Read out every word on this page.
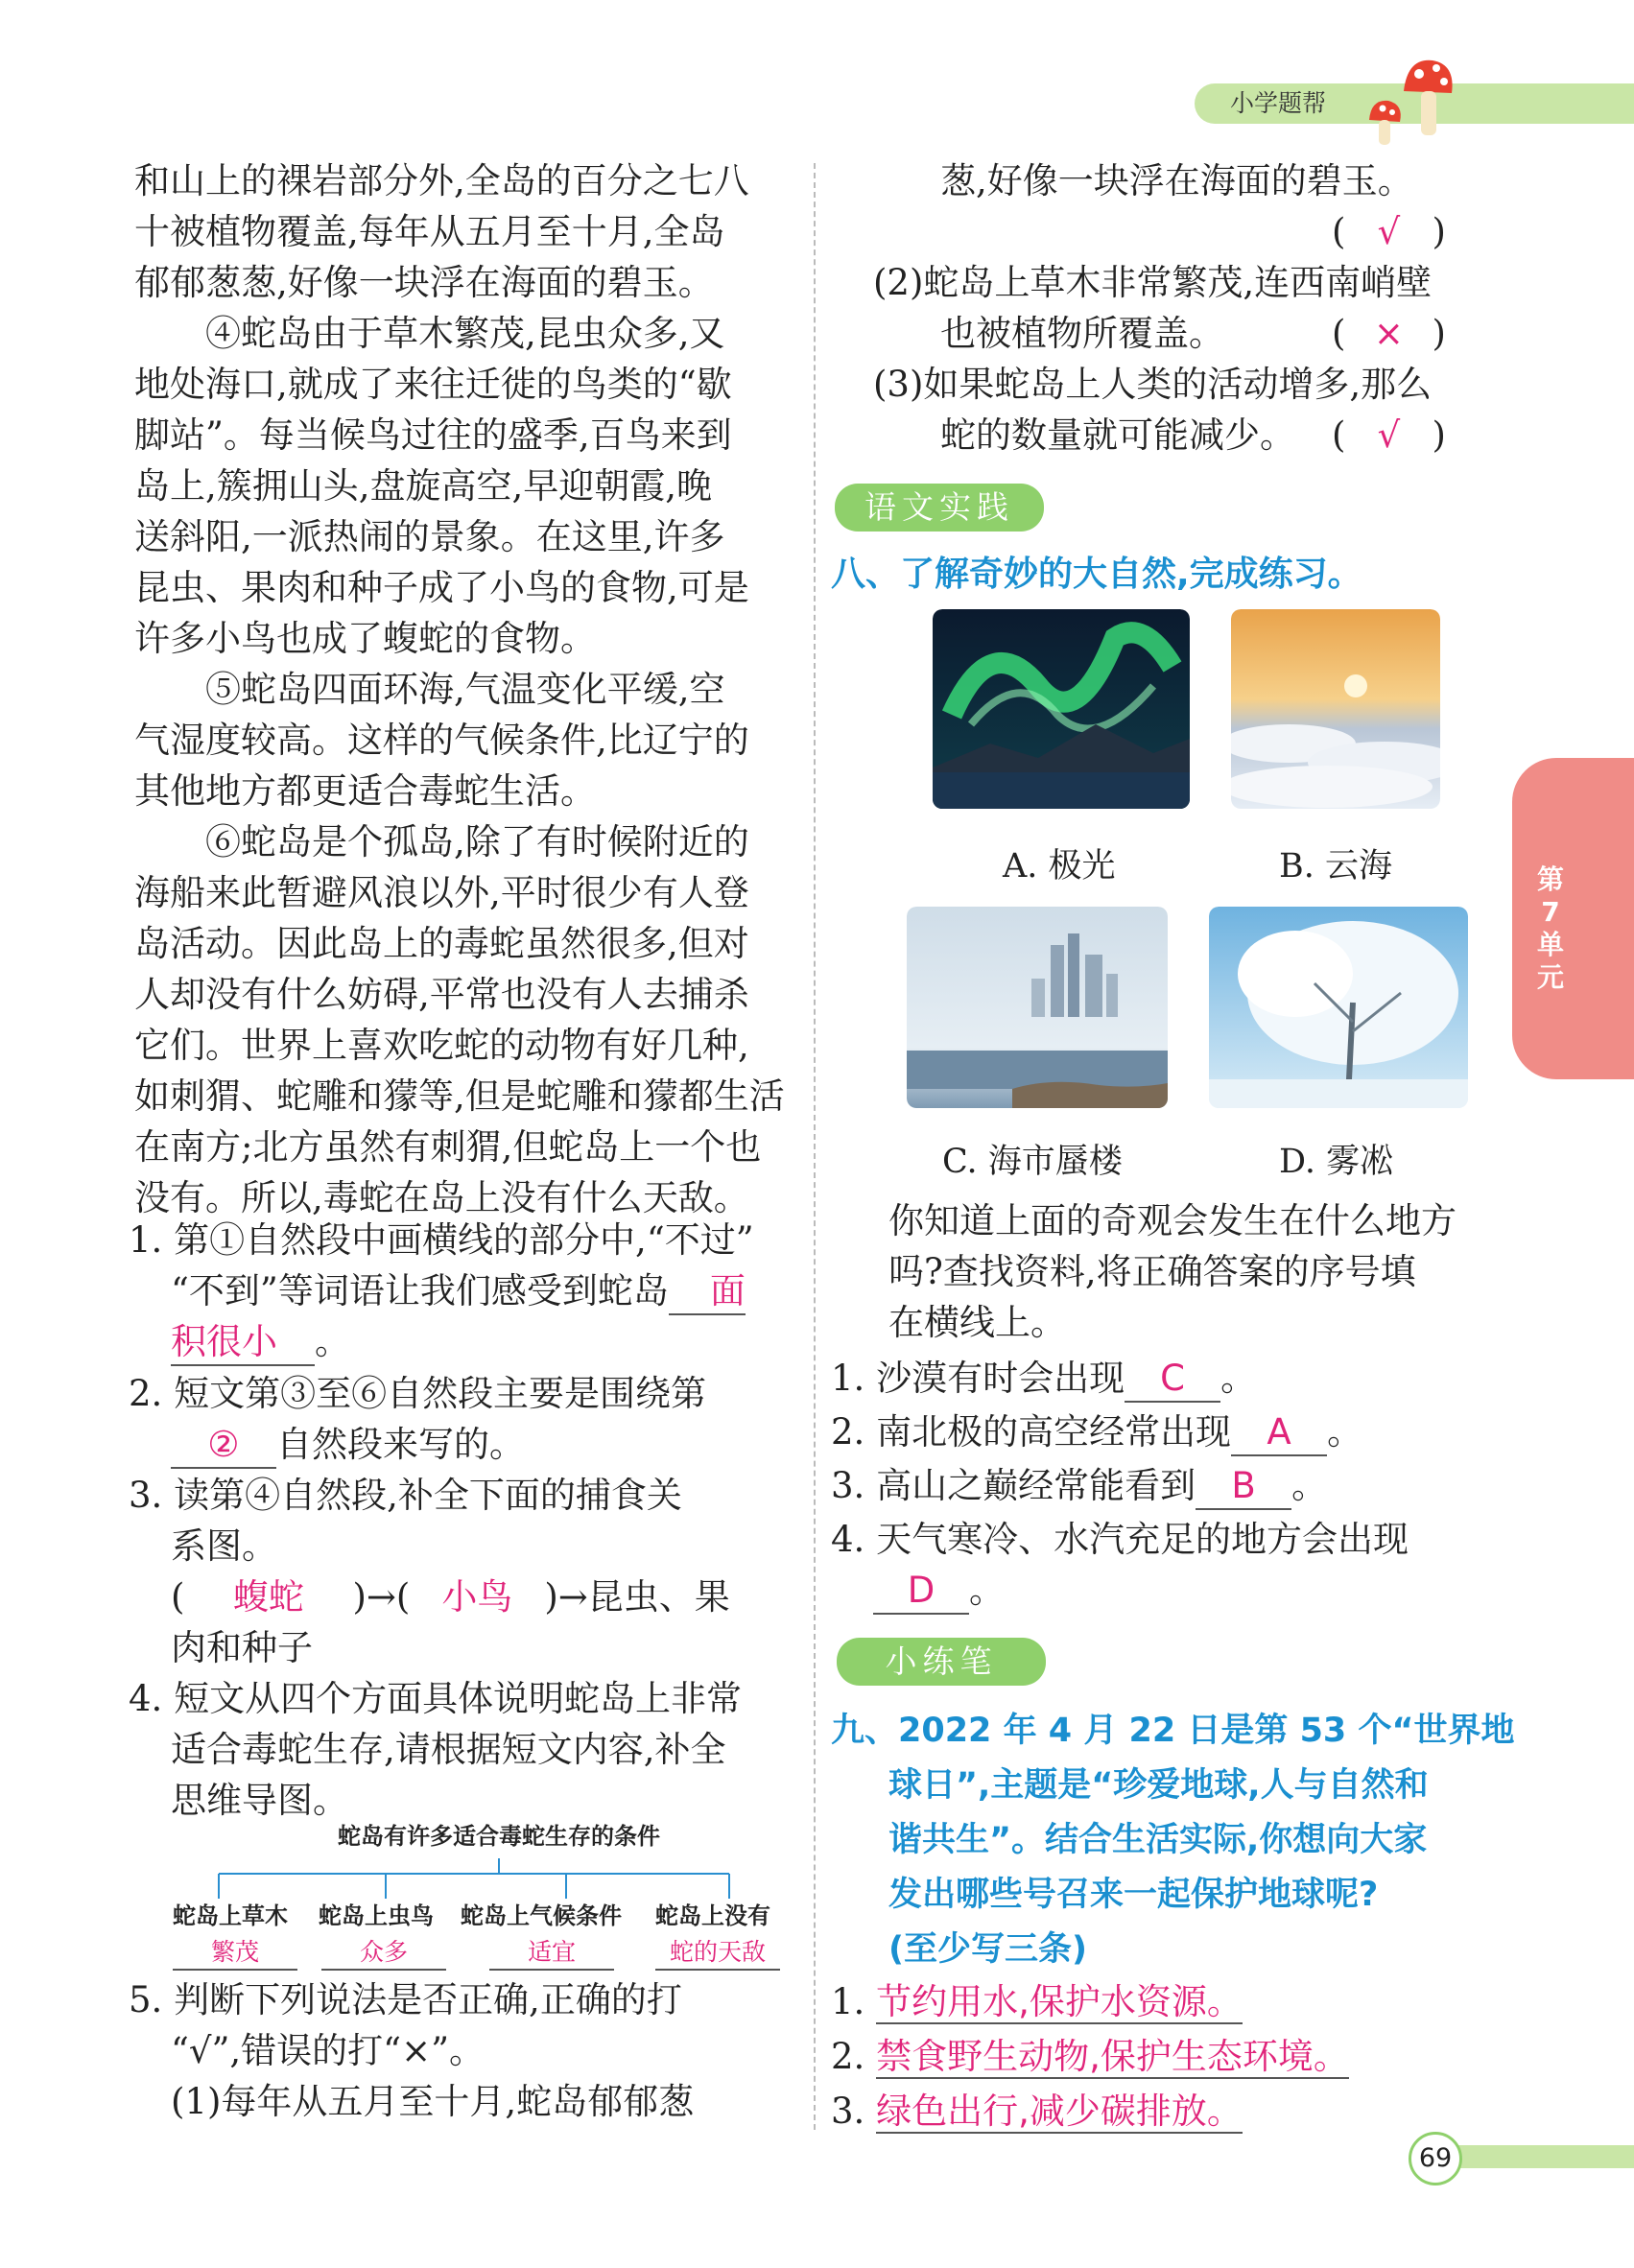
小学题帮
第7单元
和山上的裸岩部分外,全岛的百分之七八
十被植物覆盖,每年从五月至十月,全岛
郁郁葱葱,好像一块浮在海面的碧玉。
　　④蛇岛由于草木繁茂,昆虫众多,又
地处海口,就成了来往迁徙的鸟类的“歇
脚站”。每当候鸟过往的盛季,百鸟来到
岛上,簇拥山头,盘旋高空,早迎朝霞,晚
送斜阳,一派热闹的景象。在这里,许多
昆虫、果肉和种子成了小鸟的食物,可是
许多小鸟也成了蝮蛇的食物。
　　⑤蛇岛四面环海,气温变化平缓,空
气湿度较高。这样的气候条件,比辽宁的
其他地方都更适合毒蛇生活。
　　⑥蛇岛是个孤岛,除了有时候附近的
海船来此暂避风浪以外,平时很少有人登
岛活动。因此岛上的毒蛇虽然很多,但对
人却没有什么妨碍,平常也没有人去捕杀
它们。世界上喜欢吃蛇的动物有好几种,
如刺猬、蛇雕和獴等,但是蛇雕和獴都生活
在南方;北方虽然有刺猬,但蛇岛上一个也
没有。所以,毒蛇在岛上没有什么天敌。
1. 第①自然段中画横线的部分中,“不过”
“不到”等词语让我们感受到蛇岛 面
积很小 。
2. 短文第③至⑥自然段主要是围绕第
② 自然段来写的。
3. 读第④自然段,补全下面的捕食关
系图。
( 蝮蛇 )→( 小鸟 )→昆虫、果
肉和种子
4. 短文从四个方面具体说明蛇岛上非常
适合毒蛇生存,请根据短文内容,补全
思维导图。
蛇岛有许多适合毒蛇生存的条件
蛇岛上草木 蛇岛上虫鸟 蛇岛上气候条件 蛇岛上没有
繁茂	众多	适宜	蛇的天敌
5. 判断下列说法是否正确,正确的打
“√”,错误的打“×”。
(1)每年从五月至十月,蛇岛郁郁葱
葱,好像一块浮在海面的碧玉。
( √ )
(2)蛇岛上草木非常繁茂,连西南峭壁
也被植物所覆盖。	( × )
(3)如果蛇岛上人类的活动增多,那么
蛇的数量就可能减少。 ( √ )
语文实践
八、了解奇妙的大自然,完成练习。
A. 极光	B. 云海
C. 海市蜃楼	D. 雾凇
你知道上面的奇观会发生在什么地方
吗?查找资料,将正确答案的序号填
在横线上。
1. 沙漠有时会出现 C 。
2. 南北极的高空经常出现 A 。
3. 高山之巅经常能看到 B 。
4. 天气寒冷、水汽充足的地方会出现
D 。
小练笔
九、2022 年 4 月 22 日是第 53 个“世界地
球日”,主题是“珍爱地球,人与自然和
谐共生”。结合生活实际,你想向大家
发出哪些号召来一起保护地球呢?
(至少写三条)
1. 节约用水,保护水资源。
2. 禁食野生动物,保护生态环境。
3. 绿色出行,减少碳排放。
69
